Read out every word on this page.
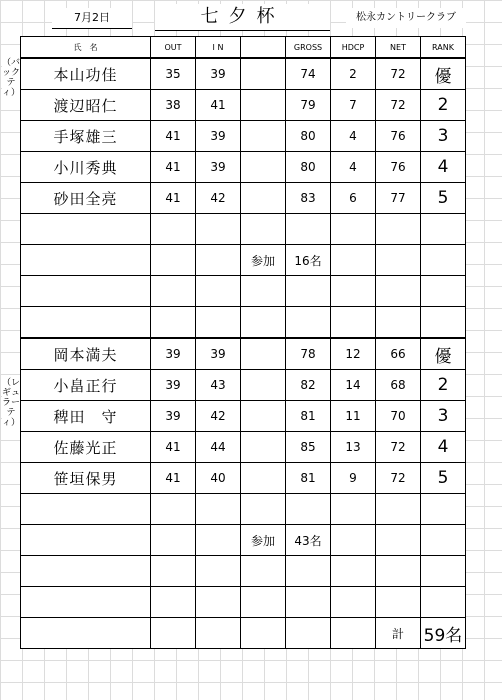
7月2日	七夕杯	松永カントリークラブ
（バックティ）
（レギュラーティ）
氏　名	OUT	I N		GROSS	HDCP	NET	RANK
本山功佳	35	39		74	2	72	優
渡辺昭仁	38	41		79	7	72	2
手塚雄三	41	39		80	4	76	3
小川秀典	41	39		80	4	76	4
砂田全亮	41	42		83	6	77	5

			参加	16名			

岡本満夫	39	39		78	12	66	優
小畠正行	39	43		82	14	68	2
稗田　守	39	42		81	11	70	3
佐藤光正	41	44		85	13	72	4
笹垣保男	41	40		81	9	72	5

			参加	43名			

						計	59名
